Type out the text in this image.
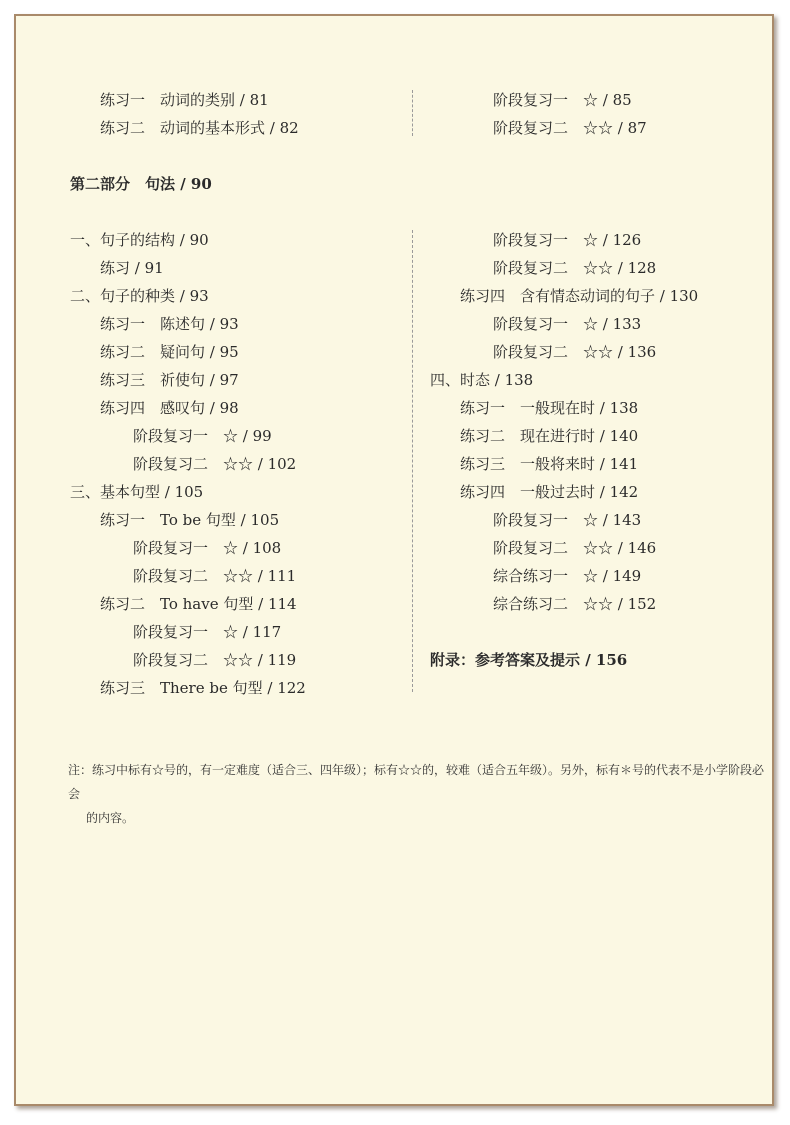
练习一　动词的类别 / 81
练习二　动词的基本形式 / 82
阶段复习一　☆ / 85
阶段复习二　☆☆ / 87
第二部分　句法 / 90
一、句子的结构 / 90
练习 / 91
二、句子的种类 / 93
练习一　陈述句 / 93
练习二　疑问句 / 95
练习三　祈使句 / 97
练习四　感叹句 / 98
阶段复习一　☆ / 99
阶段复习二　☆☆ / 102
三、基本句型 / 105
练习一　To be 句型 / 105
阶段复习一　☆ / 108
阶段复习二　☆☆ / 111
练习二　To have 句型 / 114
阶段复习一　☆ / 117
阶段复习二　☆☆ / 119
练习三　There be 句型 / 122
阶段复习一　☆ / 126
阶段复习二　☆☆ / 128
练习四　含有情态动词的句子 / 130
阶段复习一　☆ / 133
阶段复习二　☆☆ / 136
四、时态 / 138
练习一　一般现在时 / 138
练习二　现在进行时 / 140
练习三　一般将来时 / 141
练习四　一般过去时 / 142
阶段复习一　☆ / 143
阶段复习二　☆☆ / 146
综合练习一　☆ / 149
综合练习二　☆☆ / 152
附录：参考答案及提示 / 156
注：练习中标有☆号的，有一定难度（适合三、四年级）；标有☆☆的，较难（适合五年级）。另外，标有＊号的代表不是小学阶段必会
的内容。
